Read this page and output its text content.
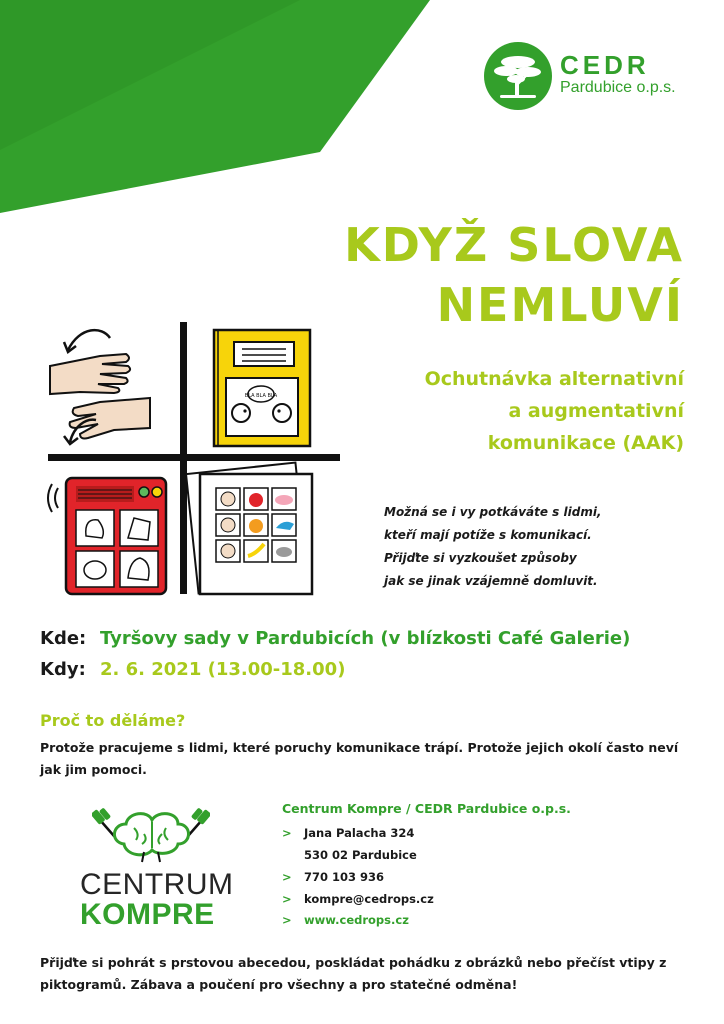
CEDR
Pardubice o.p.s.
KDYŽ SLOVA
NEMLUVÍ
Ochutnávka alternativní
a augmentativní
komunikace (AAK)
BLA BLA BLA
Možná se i vy potkáváte s lidmi,
kteří mají potíže s komunikací.
Přijďte si vyzkoušet způsoby
jak se jinak vzájemně domluvit.
Kde: Tyršovy sady v Pardubicích (v blízkosti Café Galerie)
Kdy: 2. 6. 2021 (13.00-18.00)
Proč to děláme?
Protože pracujeme s lidmi, které poruchy komunikace trápí. Protože jejich okolí často neví jak jim pomoci.
CENTRUM
KOMPRE
Centrum Kompre / CEDR Pardubice o.p.s.
> Jana Palacha 324
530 02 Pardubice
> 770 103 936
> kompre@cedrops.cz
> www.cedrops.cz
Přijďte si pohrát s prstovou abecedou, poskládat pohádku z obrázků nebo přečíst vtipy z piktogramů. Zábava a poučení pro všechny a pro statečné odměna!
